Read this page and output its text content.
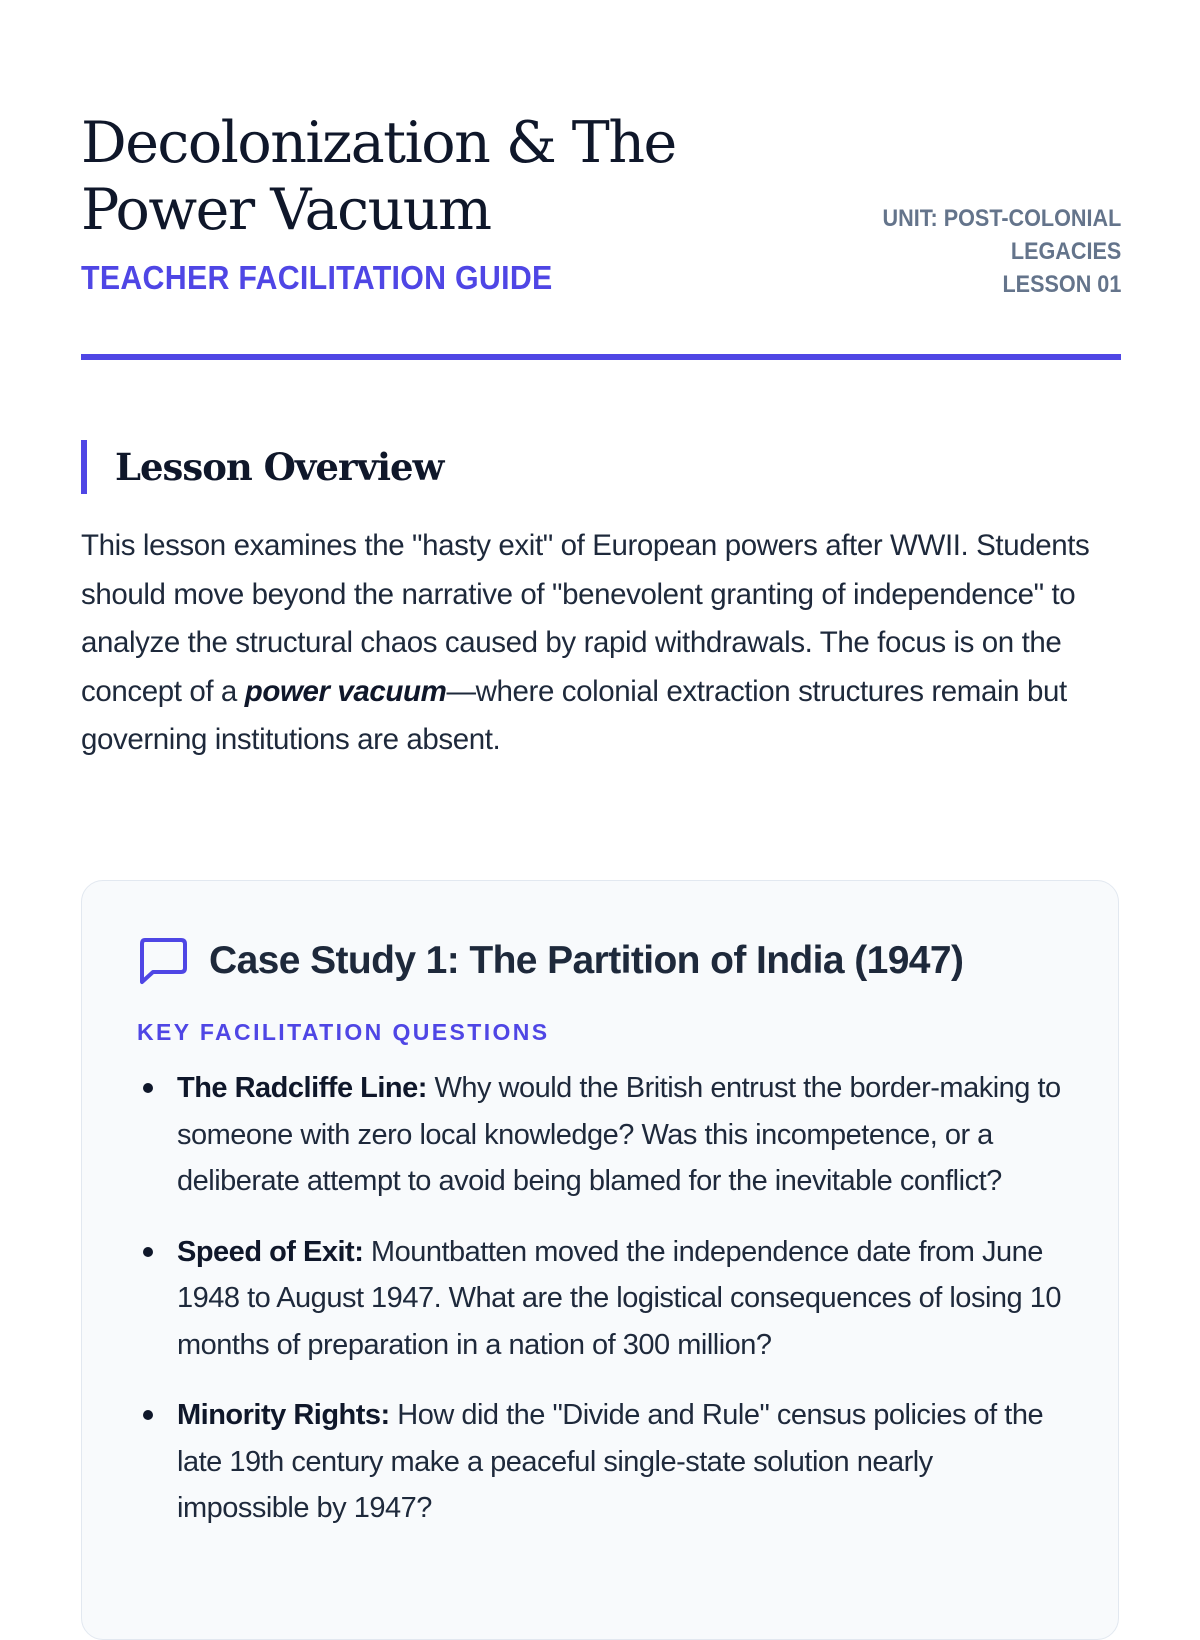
Decolonization & The Power Vacuum
TEACHER FACILITATION GUIDE
UNIT: POST-COLONIAL
LEGACIES
LESSON 01
Lesson Overview

This lesson examines the "hasty exit" of European powers after WWII. Students should move beyond the narrative of "benevolent granting of independence" to analyze the structural chaos caused by rapid withdrawals. The focus is on the concept of a power vacuum—where colonial extraction structures remain but governing institutions are absent.

Case Study 1: The Partition of India (1947)
KEY FACILITATION QUESTIONS
The Radcliffe Line: Why would the British entrust the border-making to someone with zero local knowledge? Was this incompetence, or a deliberate attempt to avoid being blamed for the inevitable conflict?
Speed of Exit: Mountbatten moved the independence date from June 1948 to August 1947. What are the logistical consequences of losing 10 months of preparation in a nation of 300 million?
Minority Rights: How did the "Divide and Rule" census policies of the late 19th century make a peaceful single-state solution nearly impossible by 1947?
